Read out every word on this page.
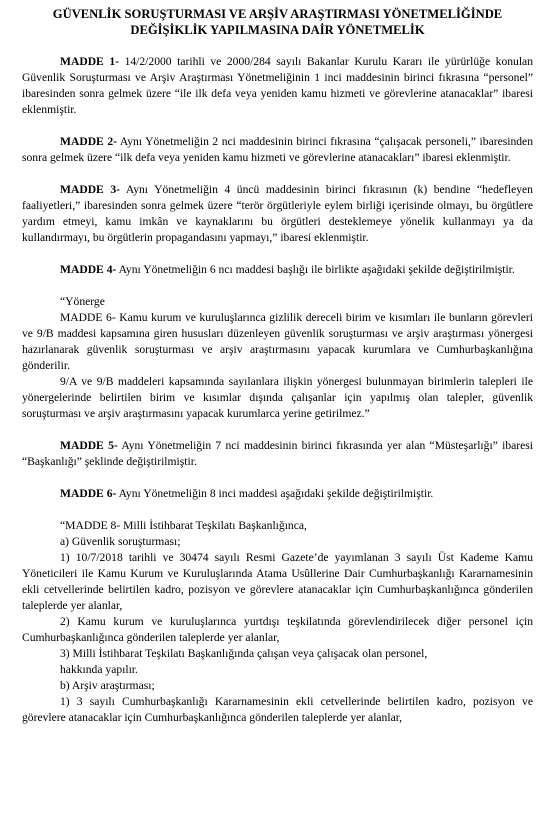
GÜVENLİK SORUŞTURMASI VE ARŞİV ARAŞTIRMASI YÖNETMELİĞİNDE
DEĞİŞİKLİK YAPILMASINA DAİR YÖNETMELİK

MADDE 1- 14/2/2000 tarihli ve 2000/284 sayılı Bakanlar Kurulu Kararı ile yürürlüğe konulan Güvenlik Soruşturması ve Arşiv Araştırması Yönetmeliğinin 1 inci maddesinin birinci fıkrasına “personel” ibaresinden sonra gelmek üzere “ile ilk defa veya yeniden kamu hizmeti ve görevlerine atanacaklar” ibaresi eklenmiştir.

MADDE 2- Aynı Yönetmeliğin 2 nci maddesinin birinci fıkrasına “çalışacak personeli,” ibaresinden sonra gelmek üzere “ilk defa veya yeniden kamu hizmeti ve görevlerine atanacakları” ibaresi eklenmiştir.

MADDE 3- Aynı Yönetmeliğin 4 üncü maddesinin birinci fıkrasının (k) bendine “hedefleyen faaliyetleri,” ibaresinden sonra gelmek üzere “terör örgütleriyle eylem birliği içerisinde olmayı, bu örgütlere yardım etmeyi, kamu imkân ve kaynaklarını bu örgütleri desteklemeye yönelik kullanmayı ya da kullandırmayı, bu örgütlerin propagandasını yapmayı,” ibaresi eklenmiştir.

MADDE 4- Aynı Yönetmeliğin 6 ncı maddesi başlığı ile birlikte aşağıdaki şekilde değiştirilmiştir.

“Yönerge

MADDE 6- Kamu kurum ve kuruluşlarınca gizlilik dereceli birim ve kısımları ile bunların görevleri ve 9/B maddesi kapsamına giren hususları düzenleyen güvenlik soruşturması ve arşiv araştırması yönergesi hazırlanarak güvenlik soruşturması ve arşiv araştırmasını yapacak kurumlara ve Cumhurbaşkanlığına gönderilir.

9/A ve 9/B maddeleri kapsamında sayılanlara ilişkin yönergesi bulunmayan birimlerin talepleri ile yönergelerinde belirtilen birim ve kısımlar dışında çalışanlar için yapılmış olan talepler, güvenlik soruşturması ve arşiv araştırmasını yapacak kurumlarca yerine getirilmez.”

MADDE 5- Aynı Yönetmeliğin 7 nci maddesinin birinci fıkrasında yer alan “Müsteşarlığı” ibaresi “Başkanlığı” şeklinde değiştirilmiştir.

MADDE 6- Aynı Yönetmeliğin 8 inci maddesi aşağıdaki şekilde değiştirilmiştir.

“MADDE 8- Milli İstihbarat Teşkilatı Başkanlığınca,

a) Güvenlik soruşturması;

1) 10/7/2018 tarihli ve 30474 sayılı Resmi Gazete’de yayımlanan 3 sayılı Üst Kademe Kamu Yöneticileri ile Kamu Kurum ve Kuruluşlarında Atama Usûllerine Dair Cumhurbaşkanlığı Kararnamesinin ekli cetvellerinde belirtilen kadro, pozisyon ve görevlere atanacaklar için Cumhurbaşkanlığınca gönderilen taleplerde yer alanlar,

2) Kamu kurum ve kuruluşlarınca yurtdışı teşkilatında görevlendirilecek diğer personel için Cumhurbaşkanlığınca gönderilen taleplerde yer alanlar,

3) Milli İstihbarat Teşkilatı Başkanlığında çalışan veya çalışacak olan personel,

hakkında yapılır.

b) Arşiv araştırması;

1) 3 sayılı Cumhurbaşkanlığı Kararnamesinin ekli cetvellerinde belirtilen kadro, pozisyon ve görevlere atanacaklar için Cumhurbaşkanlığınca gönderilen taleplerde yer alanlar,
